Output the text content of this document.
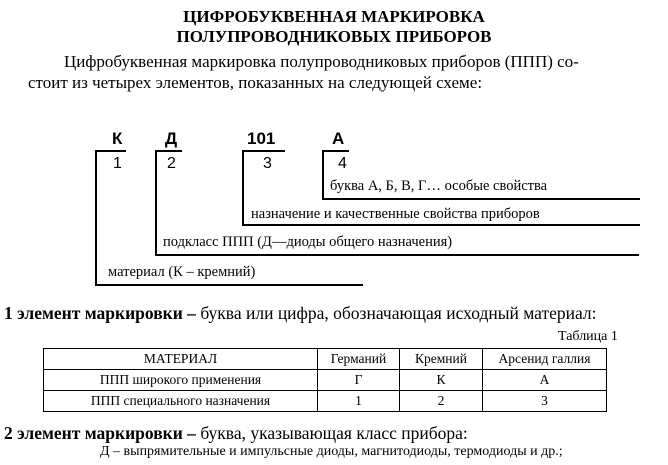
ЦИФРОБУКВЕННАЯ МАРКИРОВКА
ПОЛУПРОВОДНИКОВЫХ ПРИБОРОВ
Цифробуквенная маркировка полупроводниковых приборов (ППП) со-
стоит из четырех элементов, показанных на следующей схеме:
К	Д	101	А
1	2	3	4
буква А, Б, В, Г… особые свойства
назначение и качественные свойства приборов
подкласс ППП (Д—диоды общего назначения)
материал (К – кремний)
1 элемент маркировки – буква или цифра, обозначающая исходный материал:
Таблица 1
МАТЕРИАЛ	Германий	Кремний	Арсенид галлия
ППП широкого применения	Г	К	А
ППП специального назначения	1	2	3
2 элемент маркировки – буква, указывающая класс прибора:
Д – выпрямительные и импульсные диоды, магнитодиоды, термодиоды и др.;
